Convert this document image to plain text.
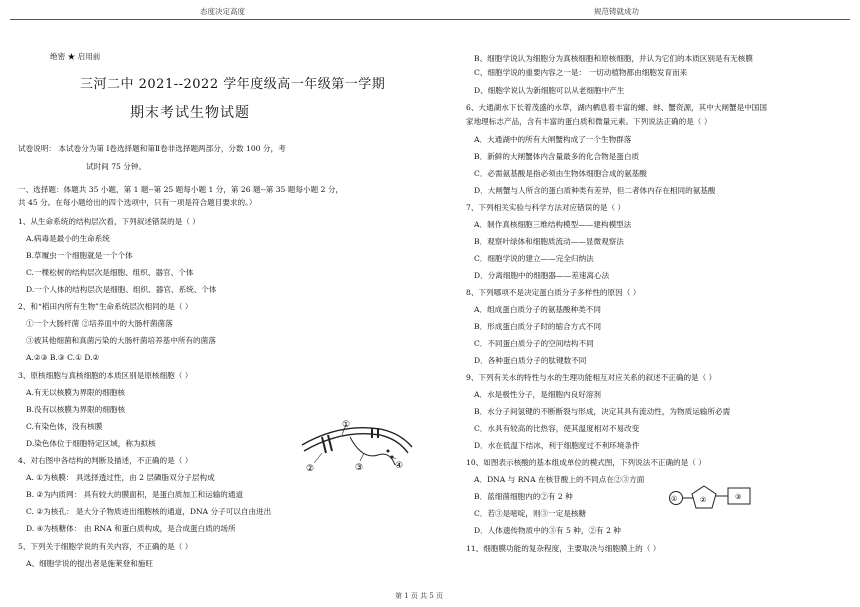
态度决定高度	规范铸就成功
绝密 ★ 启用前
三河二中 2021--2022 学年度级高一年级第一学期
期末考试生物试题
试卷说明： 本试卷分为第 Ⅰ卷选择题和第Ⅱ卷非选择题两部分，分数 100 分，考
试时间 75 分钟。
一、选择题：体题共 35 小题，第 1 题--第 25 题每小题 1 分，第 26 题--第 35 题每小题 2 分，
共 45 分。在每小题给出的四个选项中，只有一项是符合题目要求的。）
1、从生命系统的结构层次看，下列叙述错误的是（ ）
A.病毒是最小的生命系统
B.草履虫一个细胞就是一个个体
C.一棵松树的结构层次是细胞、组织、器官、个体
D.一个人体的结构层次是细胞、组织、器官、系统、个体
2、和“稻田内所有生物”生命系统层次相同的是（ ）
①一个大肠杆菌 ②培养皿中的大肠杆菌菌落
③被其他细菌和真菌污染的大肠杆菌培养基中所有的菌落
A.②③ B.③ C.① D.②
3、原核细胞与真核细胞的本质区别是原核细胞（ ）
A.有无以核膜为界限的细胞核
B.没有以核膜为界限的细胞核
C.有染色体，没有核膜
D.染色体位于细胞特定区域，称为拟核
4、对右图中各结构的判断及描述，不正确的是（ ）
A. ①为核膜： 具选择透过性，由 2 层磷脂双分子层构成
B. ②为内质网： 具有较大的膜面积，是蛋白质加工和运输的通道
C. ②为核孔： 是大分子物质进出细胞核的通道，DNA 分子可以自由进出
D. ④为核糖体： 由 RNA 和蛋白质构成，是合成蛋白质的场所
5、下列关于细胞学说的有关内容，不正确的是（ ）
A、细胞学说的提出者是施莱登和施旺
①
②	③	④
B、细胞学说认为细胞分为真核细胞和原核细胞，并认为它们的本质区别是有无核膜
C、细胞学说的重要内容之一是： 一切动植物都由细胞发育而来
D、细胞学说认为新细胞可以从老细胞中产生
6、大通湖水下长着茂盛的水草，湖内栖息着丰富的螺、蚌、蟹资源，其中大闸蟹是中国国
家地理标志产品，含有丰富的蛋白质和微量元素。下列说法正确的是（ ）
A．大通湖中的所有大闸蟹构成了一个生物群落
B．新鲜的大闸蟹体内含量最多的化合物是蛋白质
C．必需氨基酸是指必须由生物体细胞合成的氨基酸
D．大闸蟹与人所含的蛋白质种类有差异，但二者体内存在相同的氨基酸
7、下列相关实验与科学方法对应错误的是（ ）
A．制作真核细胞三维结构模型——建构模型法
B．观察叶绿体和细胞质流动——显微观察法
C．细胞学说的建立——完全归纳法
D．分离细胞中的细胞器——差速离心法
8、下列哪项不是决定蛋白质分子多样性的原因（ ）
A．组成蛋白质分子的氨基酸种类不同
B．形成蛋白质分子时的缩合方式不同
C．不同蛋白质分子的空间结构不同
D．各种蛋白质分子的肽键数不同
9、下列有关水的特性与水的生理功能相互对应关系的叙述不正确的是（ ）
A．水是极性分子，是细胞内良好溶剂
B．水分子间氢键的不断断裂与形成，决定其具有流动性，为物质运输所必需
C．水具有较高的比热容，使其温度相对不易改变
D．水在低温下结冰，利于细胞度过不利环境条件
10、如图表示核酸的基本组成单位的模式图，下列说法不正确的是（ ）
A．DNA 与 RNA 在核苷酸上的不同点在②③方面
B．蓝细菌细胞内的②有 2 种
C．若③是嘧啶，则③一定是核糖
D．人体遗传物质中的③有 5 种，②有 2 种
11、细胞膜功能的复杂程度，主要取决与细胞膜上的（ ）
①	②	③
第 1 页 共 5 页
